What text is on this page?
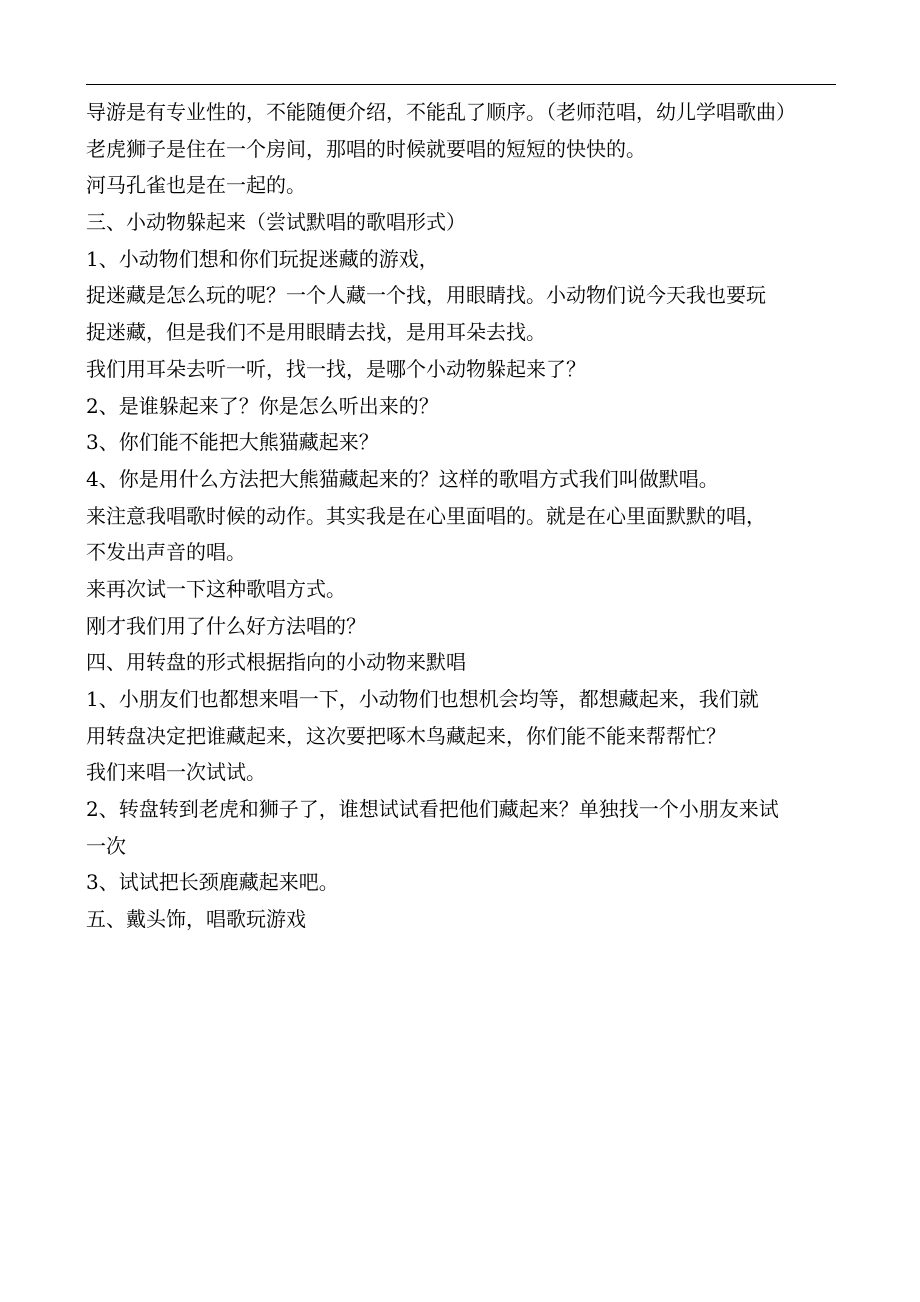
导游是有专业性的，不能随便介绍，不能乱了顺序。（老师范唱，幼儿学唱歌曲）
老虎狮子是住在一个房间，那唱的时候就要唱的短短的快快的。
河马孔雀也是在一起的。
三、小动物躲起来（尝试默唱的歌唱形式）
1、小动物们想和你们玩捉迷藏的游戏，
捉迷藏是怎么玩的呢？一个人藏一个找，用眼睛找。小动物们说今天我也要玩
捉迷藏，但是我们不是用眼睛去找，是用耳朵去找。
我们用耳朵去听一听，找一找，是哪个小动物躲起来了？
2、是谁躲起来了？你是怎么听出来的？
3、你们能不能把大熊猫藏起来？
4、你是用什么方法把大熊猫藏起来的？这样的歌唱方式我们叫做默唱。
来注意我唱歌时候的动作。其实我是在心里面唱的。就是在心里面默默的唱，
不发出声音的唱。
来再次试一下这种歌唱方式。
刚才我们用了什么好方法唱的？
四、用转盘的形式根据指向的小动物来默唱
1、小朋友们也都想来唱一下，小动物们也想机会均等，都想藏起来，我们就
用转盘决定把谁藏起来，这次要把啄木鸟藏起来，你们能不能来帮帮忙？
我们来唱一次试试。
2、转盘转到老虎和狮子了，谁想试试看把他们藏起来？单独找一个小朋友来试
一次
3、试试把长颈鹿藏起来吧。
五、戴头饰，唱歌玩游戏
